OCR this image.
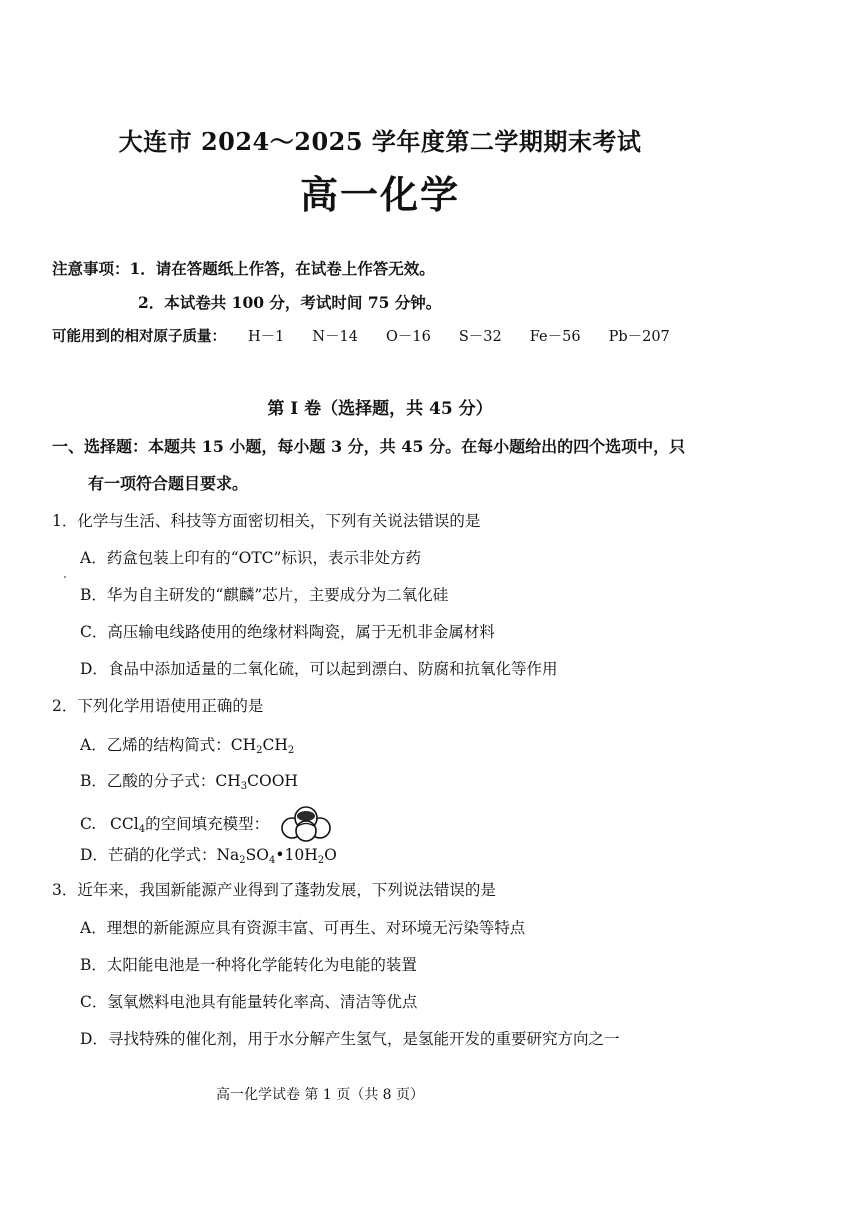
大连市 2024～2025 学年度第二学期期末考试
高一化学
注意事项：1．请在答题纸上作答，在试卷上作答无效。
2．本试卷共 100 分，考试时间 75 分钟。
可能用到的相对原子质量： H－1 N－14 O－16 S－32 Fe－56 Pb－207
第 I 卷（选择题，共 45 分）
一、选择题：本题共 15 小题，每小题 3 分，共 45 分。在每小题给出的四个选项中，只
有一项符合题目要求。
1．化学与生活、科技等方面密切相关，下列有关说法错误的是
A．药盒包装上印有的“OTC”标识，表示非处方药
B．华为自主研发的“麒麟”芯片，主要成分为二氧化硅
C．高压输电线路使用的绝缘材料陶瓷，属于无机非金属材料
D．食品中添加适量的二氧化硫，可以起到漂白、防腐和抗氧化等作用
2．下列化学用语使用正确的是
A．乙烯的结构简式：$CH_2CH_2$
B．乙酸的分子式：$CH_3COOH$
C. CCl$_4$的空间填充模型：
D．芒硝的化学式：$Na_2SO_4•10H_2O$
3．近年来，我国新能源产业得到了蓬勃发展，下列说法错误的是
A．理想的新能源应具有资源丰富、可再生、对环境无污染等特点
B．太阳能电池是一种将化学能转化为电能的装置
C．氢氧燃料电池具有能量转化率高、清洁等优点
D．寻找特殊的催化剂，用于水分解产生氢气，是氢能开发的重要研究方向之一
高一化学试卷 第 1 页（共 8 页）
